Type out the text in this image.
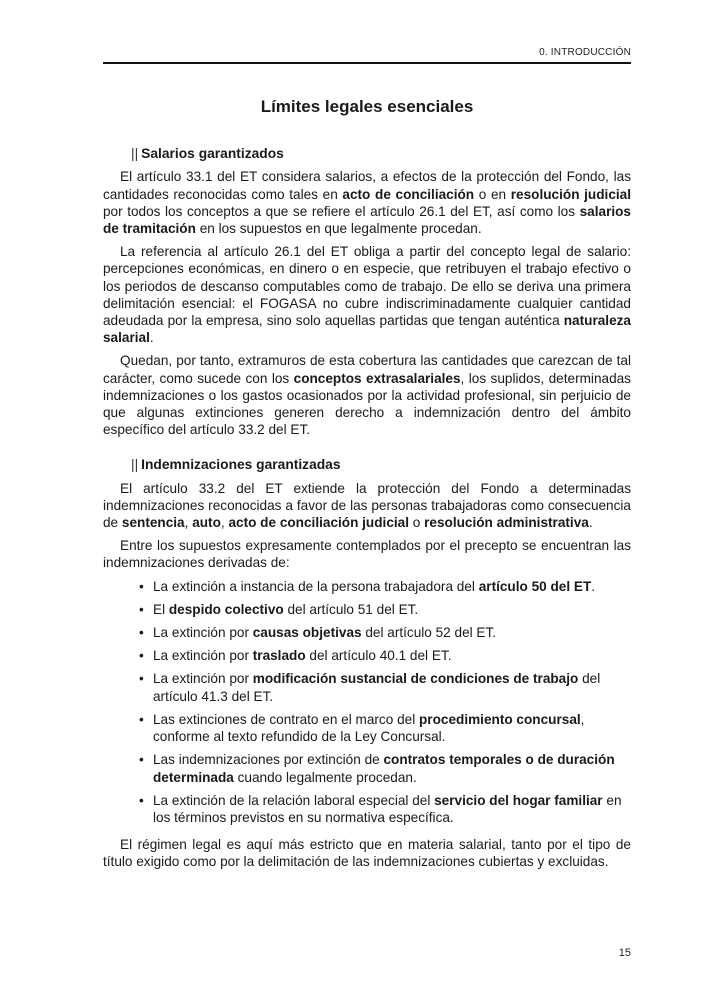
0. INTRODUCCIÓN
Límites legales esenciales
|| Salarios garantizados

El artículo 33.1 del ET considera salarios, a efectos de la protección del Fondo, las cantidades reconocidas como tales en acto de conciliación o en resolución judicial por todos los conceptos a que se refiere el artículo 26.1 del ET, así como los salarios de tramitación en los supuestos en que legalmente procedan.

La referencia al artículo 26.1 del ET obliga a partir del concepto legal de salario: percepciones económicas, en dinero o en especie, que retribuyen el trabajo efectivo o los periodos de descanso computables como de trabajo. De ello se deriva una primera delimitación esencial: el FOGASA no cubre indiscriminadamente cualquier cantidad adeudada por la empresa, sino solo aquellas partidas que tengan auténtica naturaleza salarial.

Quedan, por tanto, extramuros de esta cobertura las cantidades que carezcan de tal carácter, como sucede con los conceptos extrasalariales, los suplidos, determinadas indemnizaciones o los gastos ocasionados por la actividad profesional, sin perjuicio de que algunas extinciones generen derecho a indemnización dentro del ámbito específico del artículo 33.2 del ET.

|| Indemnizaciones garantizadas

El artículo 33.2 del ET extiende la protección del Fondo a determinadas indemnizaciones reconocidas a favor de las personas trabajadoras como consecuencia de sentencia, auto, acto de conciliación judicial o resolución administrativa.

Entre los supuestos expresamente contemplados por el precepto se encuentran las indemnizaciones derivadas de:

• La extinción a instancia de la persona trabajadora del artículo 50 del ET.
• El despido colectivo del artículo 51 del ET.
• La extinción por causas objetivas del artículo 52 del ET.
• La extinción por traslado del artículo 40.1 del ET.
• La extinción por modificación sustancial de condiciones de trabajo del artículo 41.3 del ET.
• Las extinciones de contrato en el marco del procedimiento concursal, conforme al texto refundido de la Ley Concursal.
• Las indemnizaciones por extinción de contratos temporales o de duración determinada cuando legalmente procedan.
• La extinción de la relación laboral especial del servicio del hogar familiar en los términos previstos en su normativa específica.

El régimen legal es aquí más estricto que en materia salarial, tanto por el tipo de título exigido como por la delimitación de las indemnizaciones cubiertas y excluidas.

15
